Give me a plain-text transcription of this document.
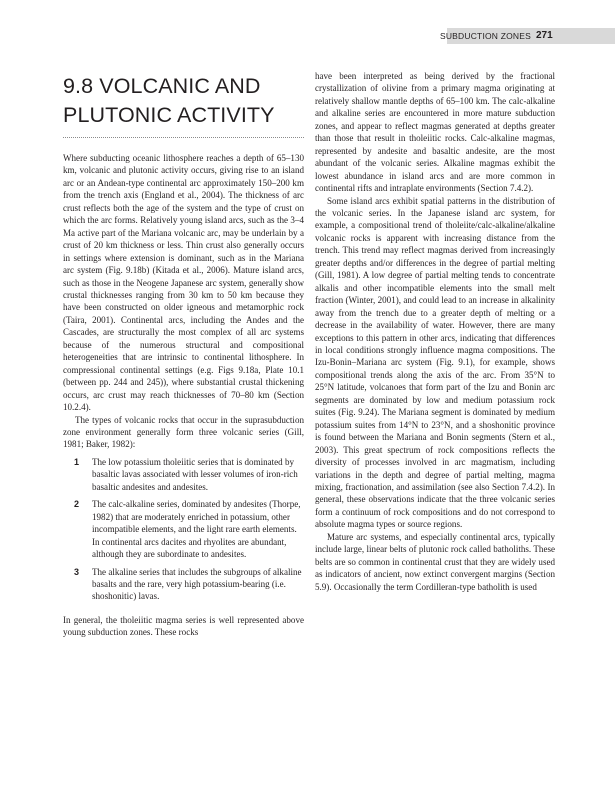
SUBDUCTION ZONES 271
9.8 VOLCANIC AND PLUTONIC ACTIVITY

Where subducting oceanic lithosphere reaches a depth of 65–130 km, volcanic and plutonic activity occurs, giving rise to an island arc or an Andean-type continental arc approximately 150–200 km from the trench axis (England et al., 2004). The thickness of arc crust reflects both the age of the system and the type of crust on which the arc forms. Relatively young island arcs, such as the 3–4 Ma active part of the Mariana volcanic arc, may be underlain by a crust of 20 km thickness or less. Thin crust also generally occurs in settings where extension is dominant, such as in the Mariana arc system (Fig. 9.18b) (Kitada et al., 2006). Mature island arcs, such as those in the Neogene Japanese arc system, generally show crustal thicknesses ranging from 30 km to 50 km because they have been constructed on older igneous and metamorphic rock (Taira, 2001). Continental arcs, including the Andes and the Cascades, are structurally the most complex of all arc systems because of the numerous structural and compositional heterogeneities that are intrinsic to continental lithosphere. In compressional continental settings (e.g. Figs 9.18a, Plate 10.1 (between pp. 244 and 245)), where substantial crustal thickening occurs, arc crust may reach thicknesses of 70–80 km (Section 10.2.4).

The types of volcanic rocks that occur in the suprasubduction zone environment generally form three volcanic series (Gill, 1981; Baker, 1982):

1 The low potassium tholeiitic series that is dominated by basaltic lavas associated with lesser volumes of iron-rich basaltic andesites and andesites.
2 The calc-alkaline series, dominated by andesites (Thorpe, 1982) that are moderately enriched in potassium, other incompatible elements, and the light rare earth elements. In continental arcs dacites and rhyolites are abundant, although they are subordinate to andesites.
3 The alkaline series that includes the subgroups of alkaline basalts and the rare, very high potassium-bearing (i.e. shoshonitic) lavas.

In general, the tholeiitic magma series is well represented above young subduction zones. These rocks

have been interpreted as being derived by the fractional crystallization of olivine from a primary magma originating at relatively shallow mantle depths of 65–100 km. The calc-alkaline and alkaline series are encountered in more mature subduction zones, and appear to reflect magmas generated at depths greater than those that result in tholeiitic rocks. Calc-alkaline magmas, represented by andesite and basaltic andesite, are the most abundant of the volcanic series. Alkaline magmas exhibit the lowest abundance in island arcs and are more common in continental rifts and intraplate environments (Section 7.4.2).

Some island arcs exhibit spatial patterns in the distribution of the volcanic series. In the Japanese island arc system, for example, a compositional trend of tholeiite/calc-alkaline/alkaline volcanic rocks is apparent with increasing distance from the trench. This trend may reflect magmas derived from increasingly greater depths and/or differences in the degree of partial melting (Gill, 1981). A low degree of partial melting tends to concentrate alkalis and other incompatible elements into the small melt fraction (Winter, 2001), and could lead to an increase in alkalinity away from the trench due to a greater depth of melting or a decrease in the availability of water. However, there are many exceptions to this pattern in other arcs, indicating that differences in local conditions strongly influence magma compositions. The Izu-Bonin–Mariana arc system (Fig. 9.1), for example, shows compositional trends along the axis of the arc. From 35°N to 25°N latitude, volcanoes that form part of the Izu and Bonin arc segments are dominated by low and medium potassium rock suites (Fig. 9.24). The Mariana segment is dominated by medium potassium suites from 14°N to 23°N, and a shoshonitic province is found between the Mariana and Bonin segments (Stern et al., 2003). This great spectrum of rock compositions reflects the diversity of processes involved in arc magmatism, including variations in the depth and degree of partial melting, magma mixing, fractionation, and assimilation (see also Section 7.4.2). In general, these observations indicate that the three volcanic series form a continuum of rock compositions and do not correspond to absolute magma types or source regions.

Mature arc systems, and especially continental arcs, typically include large, linear belts of plutonic rock called batholiths. These belts are so common in continental crust that they are widely used as indicators of ancient, now extinct convergent margins (Section 5.9). Occasionally the term Cordilleran-type batholith is used
